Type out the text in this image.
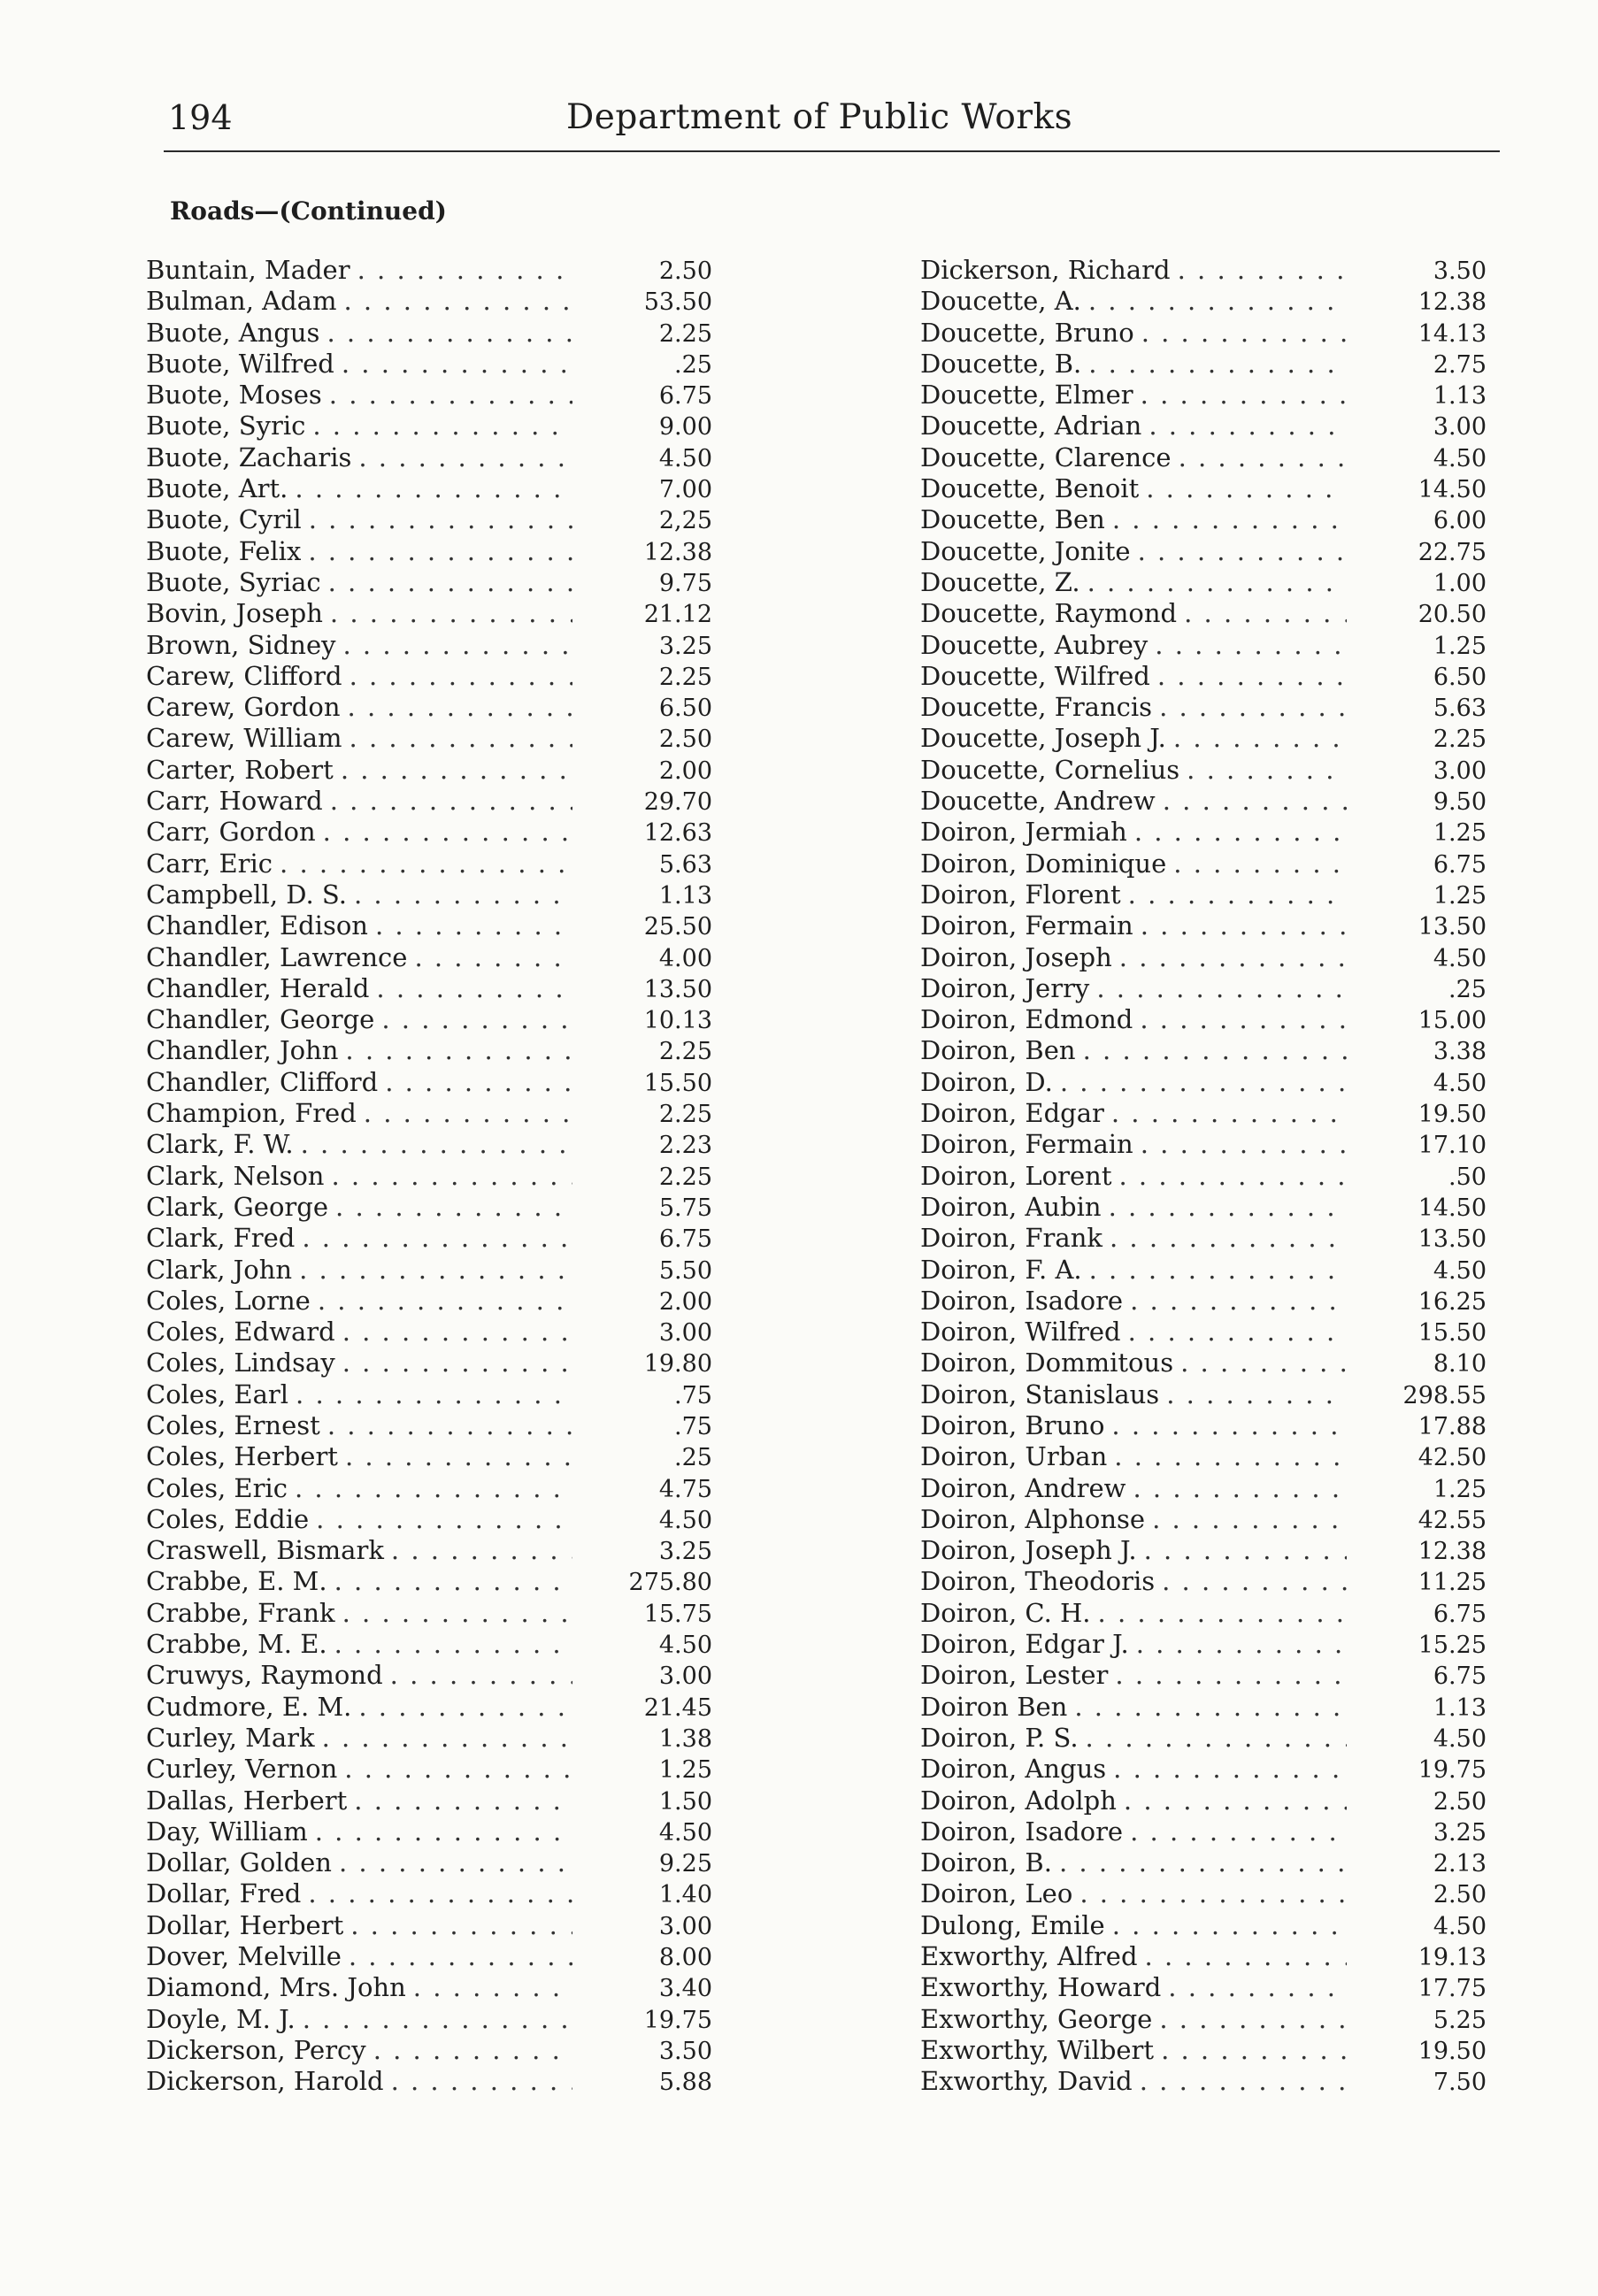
194	Department of Public Works
Roads—(Continued)
Buntain, Mader . . .	2.50
Bulman, Adam . . .	53.50
Buote, Angus . . .	2.25
Buote, Wilfred . . .	.25
Buote, Moses . . .	6.75
Buote, Syric . . .	9.00
Buote, Zacharis . . .	4.50
Buote, Art. . . .	7.00
Buote, Cyril . . .	2,25
Buote, Felix . . .	12.38
Buote, Syriac . . .	9.75
Bovin, Joseph . . .	21.12
Brown, Sidney . . .	3.25
Carew, Clifford . . .	2.25
Carew, Gordon . . .	6.50
Carew, William . . .	2.50
Carter, Robert . . .	2.00
Carr, Howard . . .	29.70
Carr, Gordon . . .	12.63
Carr, Eric . . .	5.63
Campbell, D. S. . . .	1.13
Chandler, Edison . . .	25.50
Chandler, Lawrence . . .	4.00
Chandler, Herald . . .	13.50
Chandler, George . . .	10.13
Chandler, John . . .	2.25
Chandler, Clifford . . .	15.50
Champion, Fred . . .	2.25
Clark, F. W. . . .	2.23
Clark, Nelson . . .	2.25
Clark, George . . .	5.75
Clark, Fred . . .	6.75
Clark, John . . .	5.50
Coles, Lorne . . .	2.00
Coles, Edward . . .	3.00
Coles, Lindsay . . .	19.80
Coles, Earl . . .	.75
Coles, Ernest . . .	.75
Coles, Herbert . . .	.25
Coles, Eric . . .	4.75
Coles, Eddie . . .	4.50
Craswell, Bismark . . .	3.25
Crabbe, E. M. . . .	275.80
Crabbe, Frank . . .	15.75
Crabbe, M. E. . . .	4.50
Cruwys, Raymond . . .	3.00
Cudmore, E. M. . . .	21.45
Curley, Mark . . .	1.38
Curley, Vernon . . .	1.25
Dallas, Herbert . . .	1.50
Day, William . . .	4.50
Dollar, Golden . . .	9.25
Dollar, Fred . . .	1.40
Dollar, Herbert . . .	3.00
Dover, Melville . . .	8.00
Diamond, Mrs. John . . .	3.40
Doyle, M. J. . . .	19.75
Dickerson, Percy . . .	3.50
Dickerson, Harold . . .	5.88
Dickerson, Richard . . .	3.50
Doucette, A. . . .	12.38
Doucette, Bruno . . .	14.13
Doucette, B. . . .	2.75
Doucette, Elmer . . .	1.13
Doucette, Adrian . . .	3.00
Doucette, Clarence . . .	4.50
Doucette, Benoit . . .	14.50
Doucette, Ben . . .	6.00
Doucette, Jonite . . .	22.75
Doucette, Z. . . .	1.00
Doucette, Raymond . . .	20.50
Doucette, Aubrey . . .	1.25
Doucette, Wilfred . . .	6.50
Doucette, Francis . . .	5.63
Doucette, Joseph J. . . .	2.25
Doucette, Cornelius . . .	3.00
Doucette, Andrew . . .	9.50
Doiron, Jermiah . . .	1.25
Doiron, Dominique . . .	6.75
Doiron, Florent . . .	1.25
Doiron, Fermain . . .	13.50
Doiron, Joseph . . .	4.50
Doiron, Jerry . . .	.25
Doiron, Edmond . . .	15.00
Doiron, Ben . . .	3.38
Doiron, D. . . .	4.50
Doiron, Edgar . . .	19.50
Doiron, Fermain . . .	17.10
Doiron, Lorent . . .	.50
Doiron, Aubin . . .	14.50
Doiron, Frank . . .	13.50
Doiron, F. A. . . .	4.50
Doiron, Isadore . . .	16.25
Doiron, Wilfred . . .	15.50
Doiron, Dommitous . . .	8.10
Doiron, Stanislaus . . .	298.55
Doiron, Bruno . . .	17.88
Doiron, Urban . . .	42.50
Doiron, Andrew . . .	1.25
Doiron, Alphonse . . .	42.55
Doiron, Joseph J. . . .	12.38
Doiron, Theodoris . . .	11.25
Doiron, C. H. . . .	6.75
Doiron, Edgar J. . . .	15.25
Doiron, Lester . . .	6.75
Doiron Ben . . .	1.13
Doiron, P. S. . . .	4.50
Doiron, Angus . . .	19.75
Doiron, Adolph . . .	2.50
Doiron, Isadore . . .	3.25
Doiron, B. . . .	2.13
Doiron, Leo . . .	2.50
Dulong, Emile . . .	4.50
Exworthy, Alfred . . .	19.13
Exworthy, Howard . . .	17.75
Exworthy, George . . .	5.25
Exworthy, Wilbert . . .	19.50
Exworthy, David . . .	7.50
